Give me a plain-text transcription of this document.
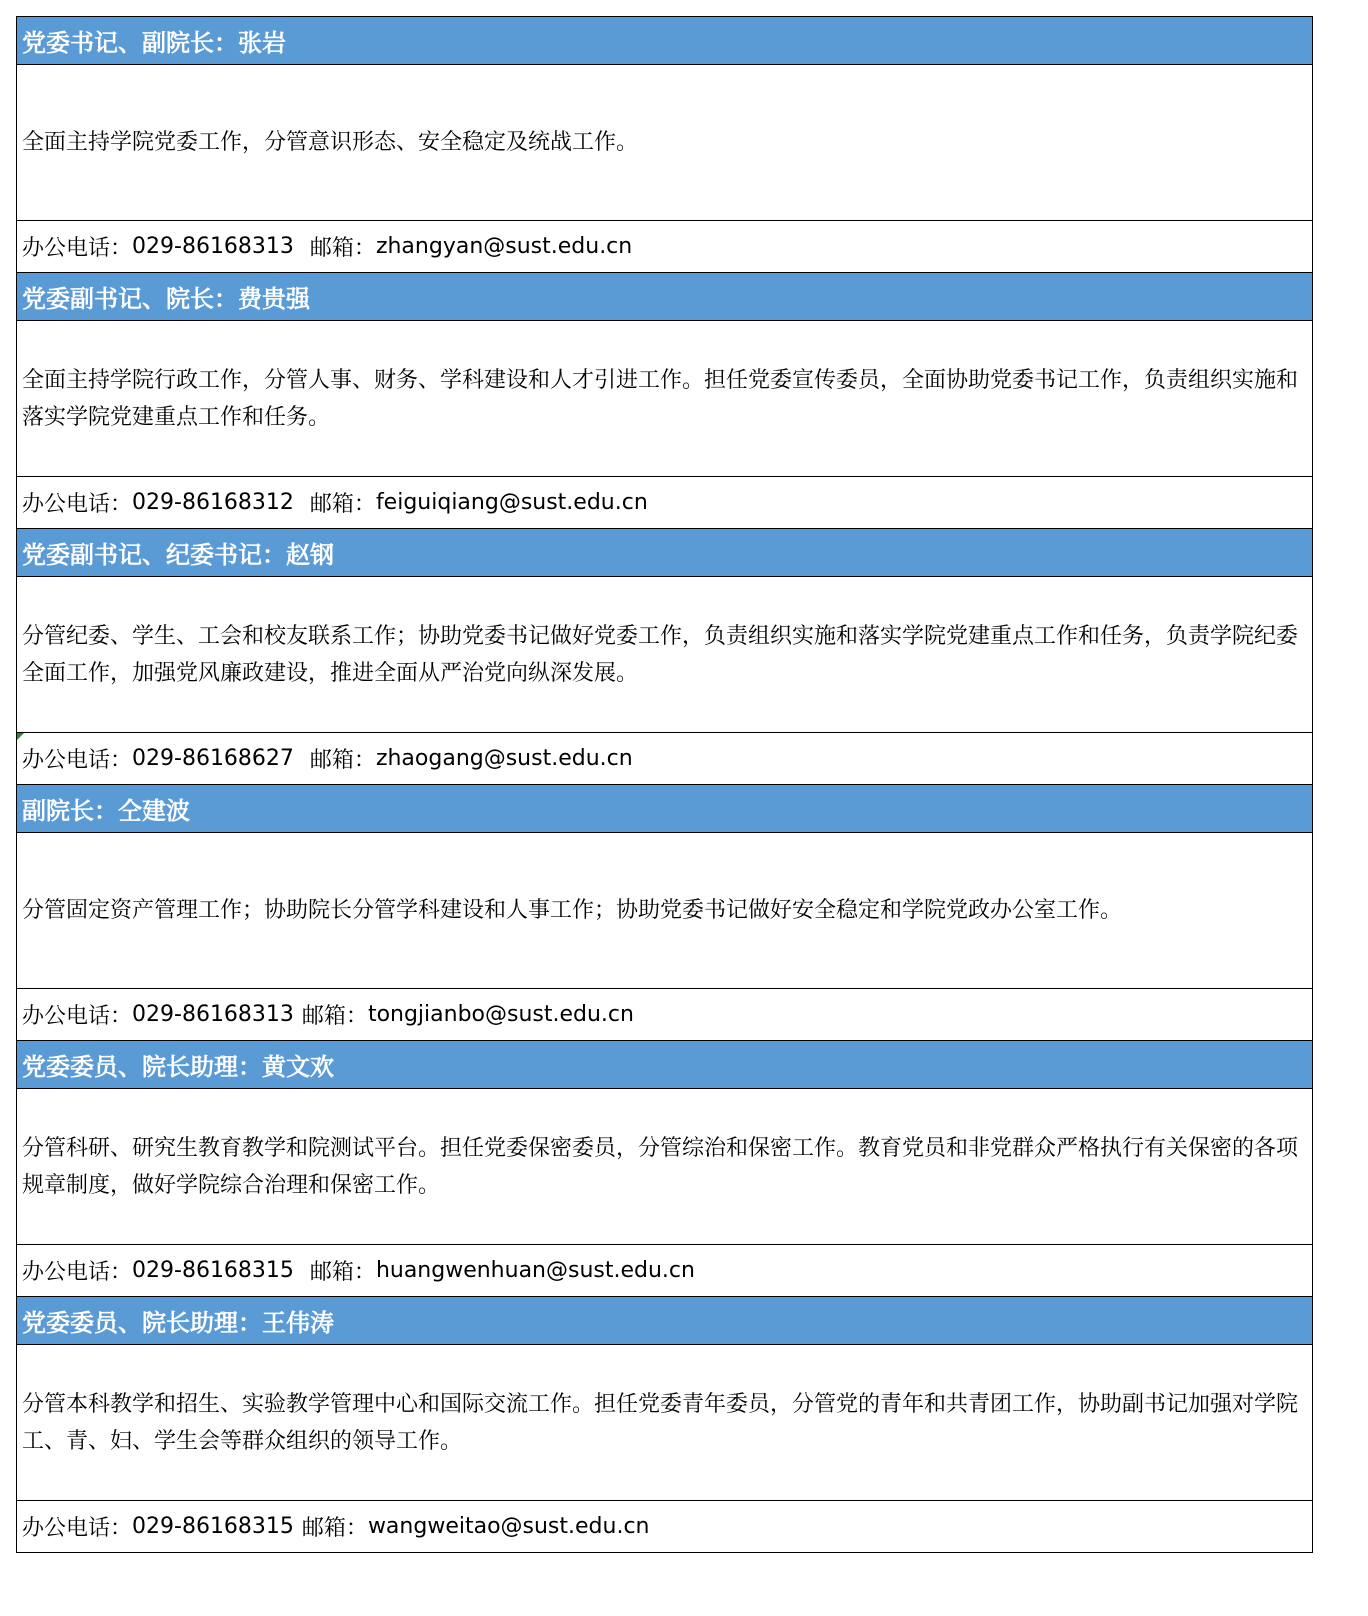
党委书记、副院长：张岩
全面主持学院党委工作，分管意识形态、安全稳定及统战工作。
办公电话： 029-86168313 邮箱： zhangyan@sust.edu.cn
党委副书记、院长：费贵强
全面主持学院行政工作，分管人事、财务、学科建设和人才引进工作。担任党委宣传委员，全面协助党委书记工作，负责组织实施和落实学院党建重点工作和任务。
办公电话： 029-86168312 邮箱： feiguiqiang@sust.edu.cn
党委副书记、纪委书记：赵钢
分管纪委、学生、工会和校友联系工作；协助党委书记做好党委工作，负责组织实施和落实学院党建重点工作和任务，负责学院纪委全面工作，加强党风廉政建设，推进全面从严治党向纵深发展。
办公电话： 029-86168627 邮箱： zhaogang@sust.edu.cn
副院长：仝建波
分管固定资产管理工作；协助院长分管学科建设和人事工作；协助党委书记做好安全稳定和学院党政办公室工作。
办公电话： 029-86168313 邮箱： tongjianbo@sust.edu.cn
党委委员、院长助理：黄文欢
分管科研、研究生教育教学和院测试平台。担任党委保密委员，分管综治和保密工作。教育党员和非党群众严格执行有关保密的各项规章制度，做好学院综合治理和保密工作。
办公电话： 029-86168315 邮箱： huangwenhuan@sust.edu.cn
党委委员、院长助理：王伟涛
分管本科教学和招生、实验教学管理中心和国际交流工作。担任党委青年委员，分管党的青年和共青团工作，协助副书记加强对学院工、青、妇、学生会等群众组织的领导工作。
办公电话： 029-86168315 邮箱： wangweitao@sust.edu.cn
